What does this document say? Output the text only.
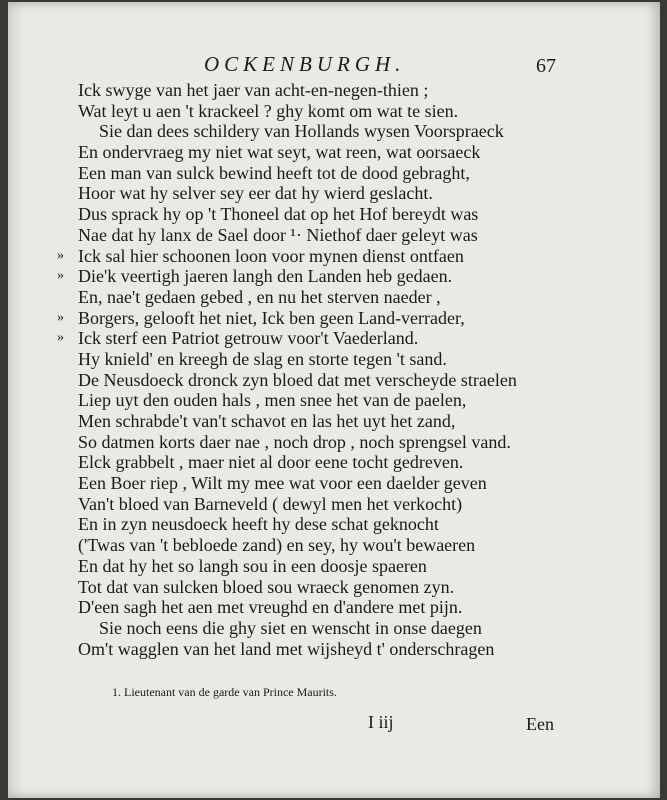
OCKENBURGH.	67
Ick swyge van het jaer van acht-en-negen-thien ;
Wat leyt u aen 't krackeel ? ghy komt om wat te sien.
Sie dan dees schildery van Hollands wysen Voorspraeck
En ondervraeg my niet wat seyt, wat reen, wat oorsaeck
Een man van sulck bewind heeft tot de dood gebraght,
Hoor wat hy selver sey eer dat hy wierd geslacht.
Dus sprack hy op 't Thoneel dat op het Hof bereydt was
Nae dat hy lanx de Sael door ¹· Niethof daer geleyt was
» Ick sal hier schoonen loon voor mynen dienst ontfaen
» Die'k veertigh jaeren langh den Landen heb gedaen.
En, nae't gedaen gebed , en nu het sterven naeder ,
» Borgers, gelooft het niet, Ick ben geen Land-verrader,
» Ick sterf een Patriot getrouw voor't Vaederland.
Hy knield' en kreegh de slag en storte tegen 't sand.
De Neusdoeck dronck zyn bloed dat met verscheyde straelen
Liep uyt den ouden hals , men snee het van de paelen,
Men schrabde't van't schavot en las het uyt het zand,
So datmen korts daer nae , noch drop , noch sprengsel vand.
Elck grabbelt , maer niet al door eene tocht gedreven.
Een Boer riep , Wilt my mee wat voor een daelder geven
Van't bloed van Barneveld ( dewyl men het verkocht)
En in zyn neusdoeck heeft hy dese schat geknocht
('Twas van 't bebloede zand) en sey, hy wou't bewaeren
En dat hy het so langh sou in een doosje spaeren
Tot dat van sulcken bloed sou wraeck genomen zyn.
D'een sagh het aen met vreughd en d'andere met pijn.
Sie noch eens die ghy siet en wenscht in onse daegen
Om't wagglen van het land met wijsheyd t' onderschragen
1. Lieutenant van de garde van Prince Maurits.
I iij	Een
